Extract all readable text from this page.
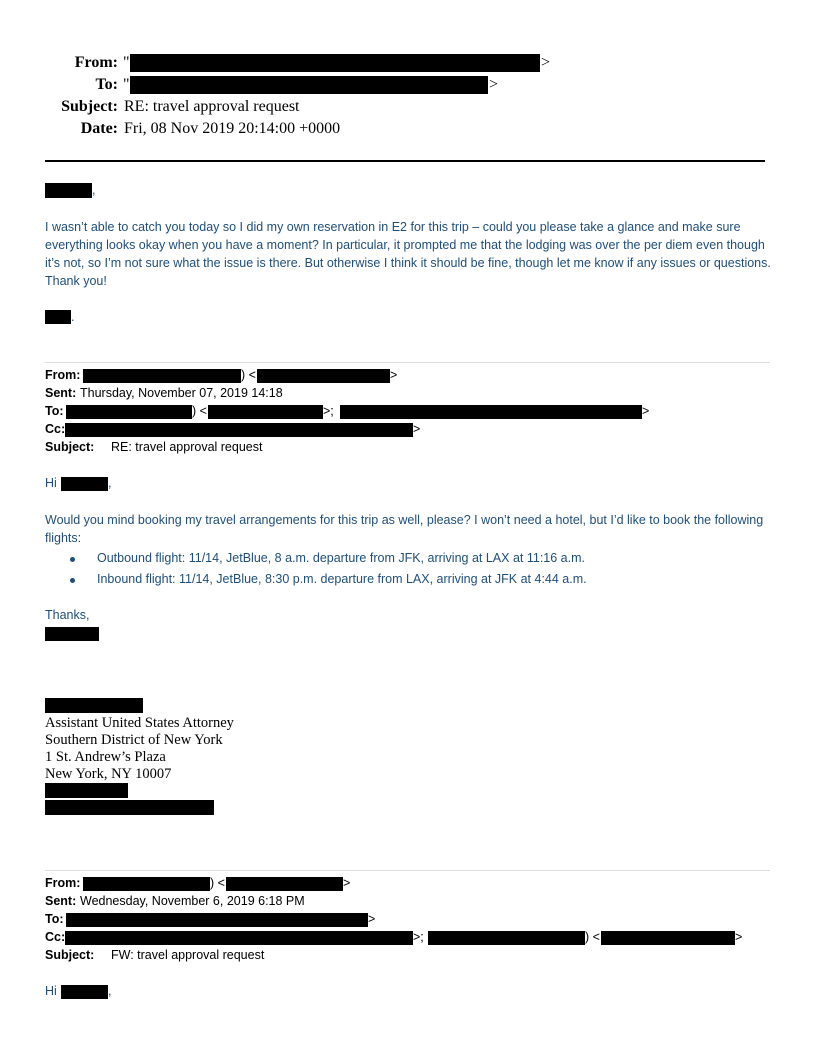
From: "	>
To: "	>
Subject: RE: travel approval request
Date: Fri, 08 Nov 2019 20:14:00 +0000
,
I wasn’t able to catch you today so I did my own reservation in E2 for this trip – could you please take a glance and make sure everything looks okay when you have a moment? In particular, it prompted me that the lodging was over the per diem even though it’s not, so I’m not sure what the issue is there. But otherwise I think it should be fine, though let me know if any issues or questions. Thank you!
.
From:	) <	>
Sent: Thursday, November 07, 2019 14:18
To:	) <	>;	>
Cc:	>
Subject: RE: travel approval request
Hi	,
Would you mind booking my travel arrangements for this trip as well, please? I won’t need a hotel, but I’d like to book the following flights:
Outbound flight: 11/14, JetBlue, 8 a.m. departure from JFK, arriving at LAX at 11:16 a.m.
Inbound flight: 11/14, JetBlue, 8:30 p.m. departure from LAX, arriving at JFK at 4:44 a.m.
Thanks,
Assistant United States Attorney
Southern District of New York
1 St. Andrew’s Plaza
New York, NY 10007
From:	) <	>
Sent: Wednesday, November 6, 2019 6:18 PM
To:	>
Cc:	>;	) <	>
Subject: FW: travel approval request
Hi	,
